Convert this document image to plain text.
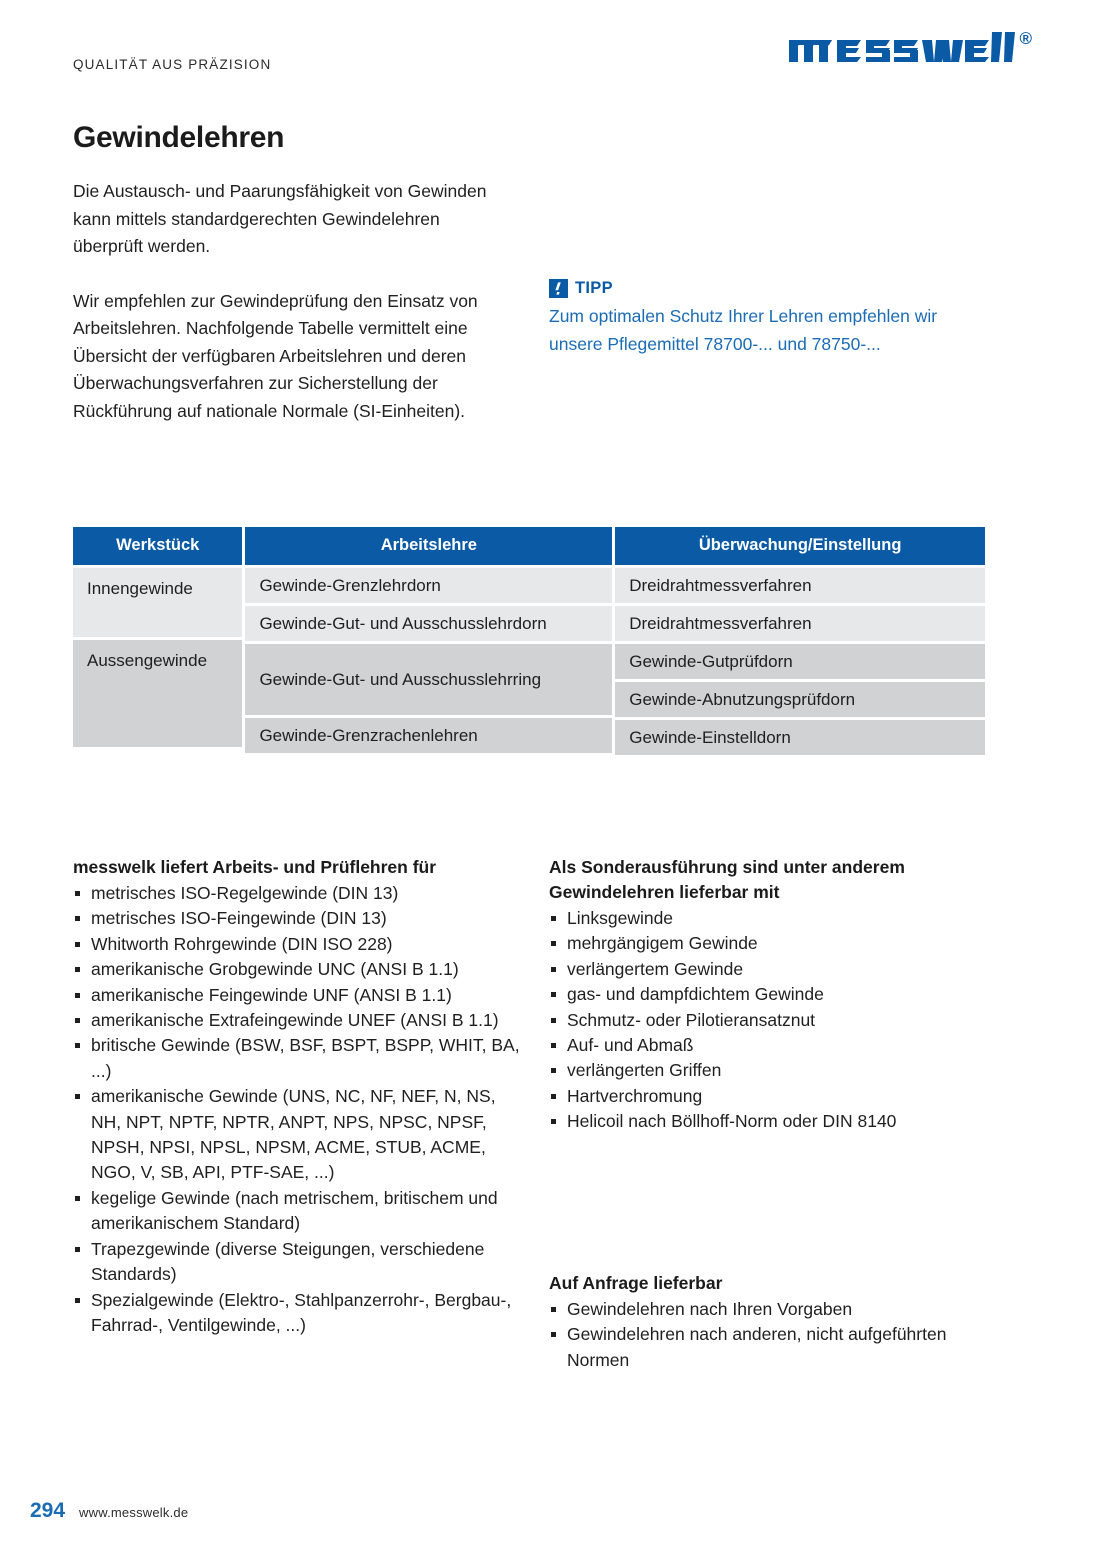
QUALITÄT AUS PRÄZISION
®
Gewindelehren

Die Austausch- und Paarungsfähigkeit von Gewinden kann mittels standardgerechten Gewindelehren überprüft werden.

Wir empfehlen zur Gewindeprüfung den Einsatz von Arbeitslehren. Nachfolgende Tabelle vermittelt eine Übersicht der verfügbaren Arbeitslehren und deren Überwachungsverfahren zur Sicherstellung der Rückführung auf nationale Normale (SI-Einheiten).

TIPP
Zum optimalen Schutz Ihrer Lehren empfehlen wir unsere Pflegemittel 78700-... und 78750-...
Werkstück	Arbeitslehre	Überwachung/Einstellung
Innengewinde
Aussengewinde
Gewinde-Grenzlehrdorn
Gewinde-Gut- und Ausschusslehrdorn
Gewinde-Gut- und Ausschusslehrring
Gewinde-Grenzrachenlehren
Dreidrahtmessverfahren
Dreidrahtmessverfahren
Gewinde-Gutprüfdorn
Gewinde-Abnutzungsprüfdorn
Gewinde-Einstelldorn
messwelk liefert Arbeits- und Prüflehren für
metrisches ISO-Regelgewinde (DIN 13)
metrisches ISO-Feingewinde (DIN 13)
Whitworth Rohrgewinde (DIN ISO 228)
amerikanische Grobgewinde UNC (ANSI B 1.1)
amerikanische Feingewinde UNF (ANSI B 1.1)
amerikanische Extrafeingewinde UNEF (ANSI B 1.1)
britische Gewinde (BSW, BSF, BSPT, BSPP, WHIT, BA, ...)
amerikanische Gewinde (UNS, NC, NF, NEF, N, NS, NH, NPT, NPTF, NPTR, ANPT, NPS, NPSC, NPSF, NPSH, NPSI, NPSL, NPSM, ACME, STUB, ACME, NGO, V, SB, API, PTF-SAE, ...)
kegelige Gewinde (nach metrischem, britischem und amerikanischem Standard)
Trapezgewinde (diverse Steigungen, verschiedene Standards)
Spezialgewinde (Elektro-, Stahlpanzerrohr-, Bergbau-, Fahrrad-, Ventilgewinde, ...)
Als Sonderausführung sind unter anderem Gewindelehren lieferbar mit
Linksgewinde
mehrgängigem Gewinde
verlängertem Gewinde
gas- und dampfdichtem Gewinde
Schmutz- oder Pilotieransatznut
Auf- und Abmaß
verlängerten Griffen
Hartverchromung
Helicoil nach Böllhoff-Norm oder DIN 8140
Auf Anfrage lieferbar
Gewindelehren nach Ihren Vorgaben
Gewindelehren nach anderen, nicht aufgeführten Normen
294 www.messwelk.de
